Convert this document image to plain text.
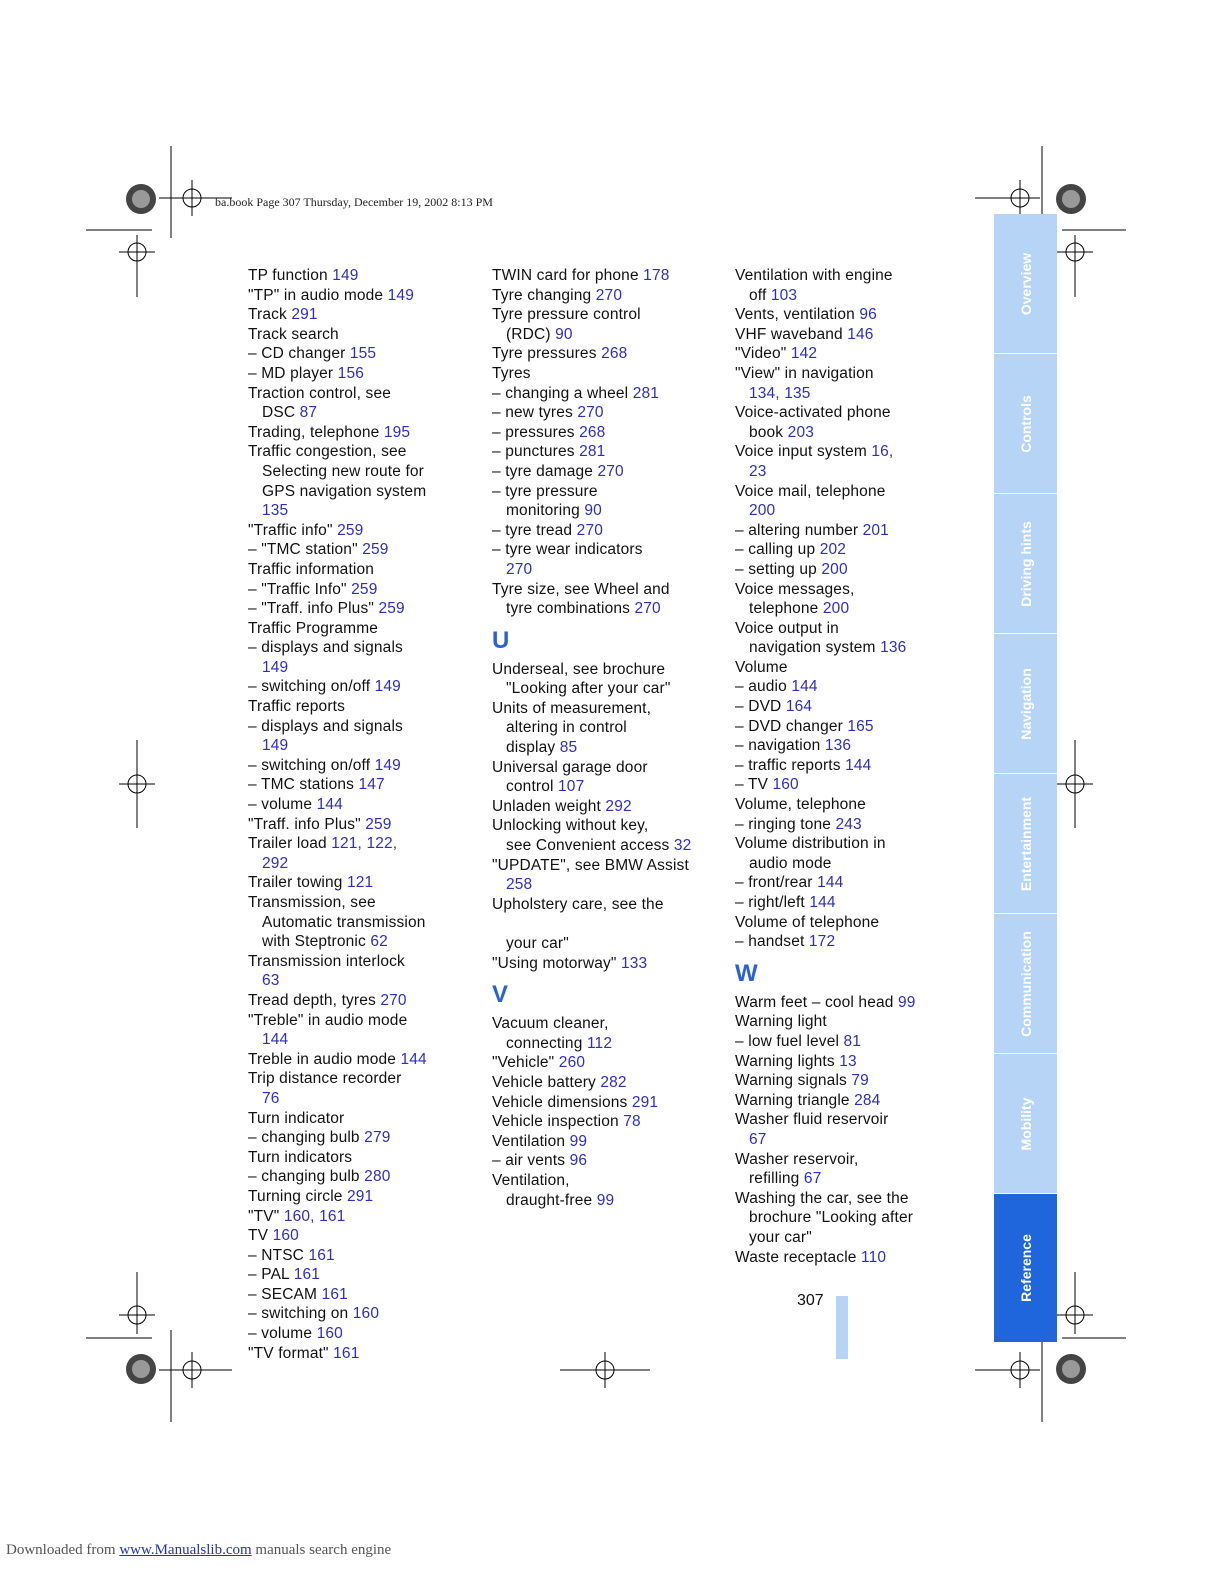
ba.book Page 307 Thursday, December 19, 2002 8:13 PM
TP function 149
"TP" in audio mode 149
Track 291
Track search
– CD changer 155
– MD player 156
Traction control, see
DSC 87
Trading, telephone 195
Traffic congestion, see
Selecting new route for
GPS navigation system
135
"Traffic info" 259
– "TMC station" 259
Traffic information
– "Traffic Info" 259
– "Traff. info Plus" 259
Traffic Programme
– displays and signals
149
– switching on/off 149
Traffic reports
– displays and signals
149
– switching on/off 149
– TMC stations 147
– volume 144
"Traff. info Plus" 259
Trailer load 121, 122,
292
Trailer towing 121
Transmission, see
Automatic transmission
with Steptronic 62
Transmission interlock
63
Tread depth, tyres 270
"Treble" in audio mode
144
Treble in audio mode 144
Trip distance recorder
76
Turn indicator
– changing bulb 279
Turn indicators
– changing bulb 280
Turning circle 291
"TV" 160, 161
TV 160
– NTSC 161
– PAL 161
– SECAM 161
– switching on 160
– volume 160
"TV format" 161
TWIN card for phone 178
Tyre changing 270
Tyre pressure control
(RDC) 90
Tyre pressures 268
Tyres
– changing a wheel 281
– new tyres 270
– pressures 268
– punctures 281
– tyre damage 270
– tyre pressure
monitoring 90
– tyre tread 270
– tyre wear indicators
270
Tyre size, see Wheel and
tyre combinations 270
U
Underseal, see brochure
"Looking after your car"
Units of measurement,
altering in control
display 85
Universal garage door
control 107
Unladen weight 292
Unlocking without key,
see Convenient access 32
"UPDATE", see BMW Assist
258
Upholstery care, see the

your car"
"Using motorway" 133
V
Vacuum cleaner,
connecting 112
"Vehicle" 260
Vehicle battery 282
Vehicle dimensions 291
Vehicle inspection 78
Ventilation 99
– air vents 96
Ventilation,
draught-free 99
Ventilation with engine
off 103
Vents, ventilation 96
VHF waveband 146
"Video" 142
"View" in navigation
134, 135
Voice-activated phone
book 203
Voice input system 16,
23
Voice mail, telephone
200
– altering number 201
– calling up 202
– setting up 200
Voice messages,
telephone 200
Voice output in
navigation system 136
Volume
– audio 144
– DVD 164
– DVD changer 165
– navigation 136
– traffic reports 144
– TV 160
Volume, telephone
– ringing tone 243
Volume distribution in
audio mode
– front/rear 144
– right/left 144
Volume of telephone
– handset 172
W
Warm feet – cool head 99
Warning light
– low fuel level 81
Warning lights 13
Warning signals 79
Warning triangle 284
Washer fluid reservoir
67
Washer reservoir,
refilling 67
Washing the car, see the
brochure "Looking after
your car"
Waste receptacle 110
Overview
Controls
Driving hints
Navigation
Entertainment
Communication
Mobility
Reference
307
Downloaded from www.Manualslib.com manuals search engine
